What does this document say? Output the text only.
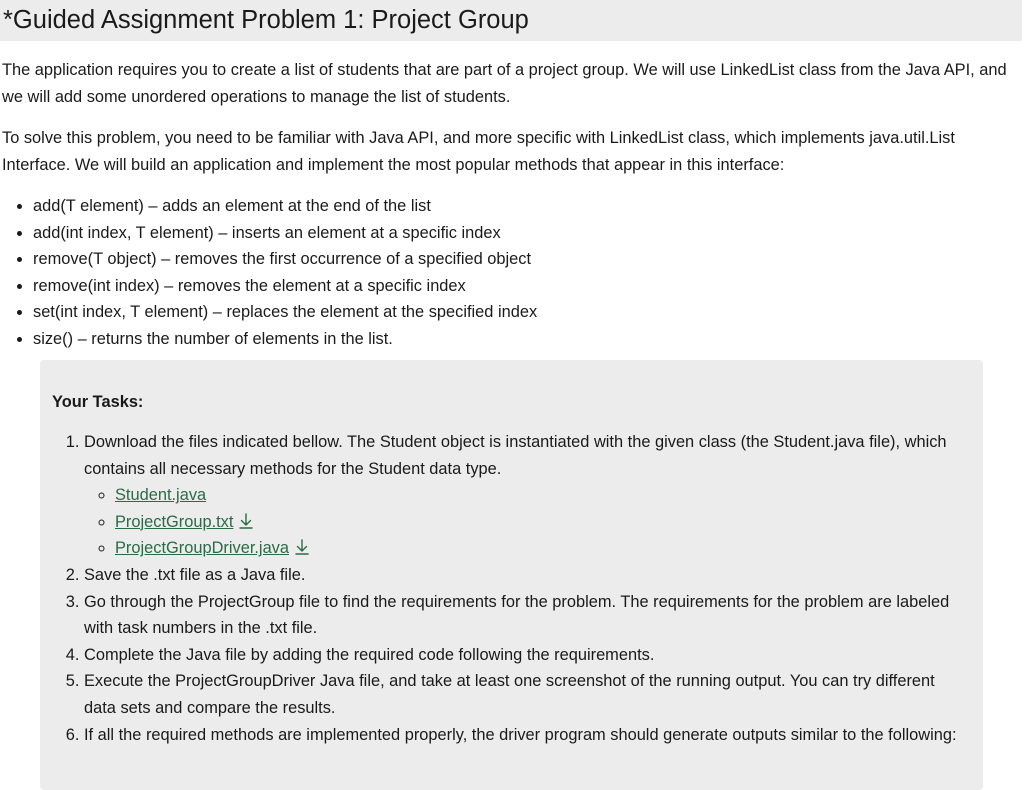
*Guided Assignment Problem 1: Project Group

The application requires you to create a list of students that are part of a project group. We will use LinkedList class from the Java API, and we will add some unordered operations to manage the list of students.

To solve this problem, you need to be familiar with Java API, and more specific with LinkedList class, which implements java.util.List Interface. We will build an application and implement the most popular methods that appear in this interface:

• add(T element) – adds an element at the end of the list
• add(int index, T element) – inserts an element at a specific index
• remove(T object) – removes the first occurrence of a specified object
• remove(int index) – removes the element at a specific index
• set(int index, T element) – replaces the element at the specified index
• size() – returns the number of elements in the list.

Your Tasks:

1. Download the files indicated bellow. The Student object is instantiated with the given class (the Student.java file), which contains all necessary methods for the Student data type.
◦ Student.java
◦ ProjectGroup.txt
◦ ProjectGroupDriver.java
2. Save the .txt file as a Java file.
3. Go through the ProjectGroup file to find the requirements for the problem. The requirements for the problem are labeled with task numbers in the .txt file.
4. Complete the Java file by adding the required code following the requirements.
5. Execute the ProjectGroupDriver Java file, and take at least one screenshot of the running output. You can try different data sets and compare the results.
6. If all the required methods are implemented properly, the driver program should generate outputs similar to the following:
